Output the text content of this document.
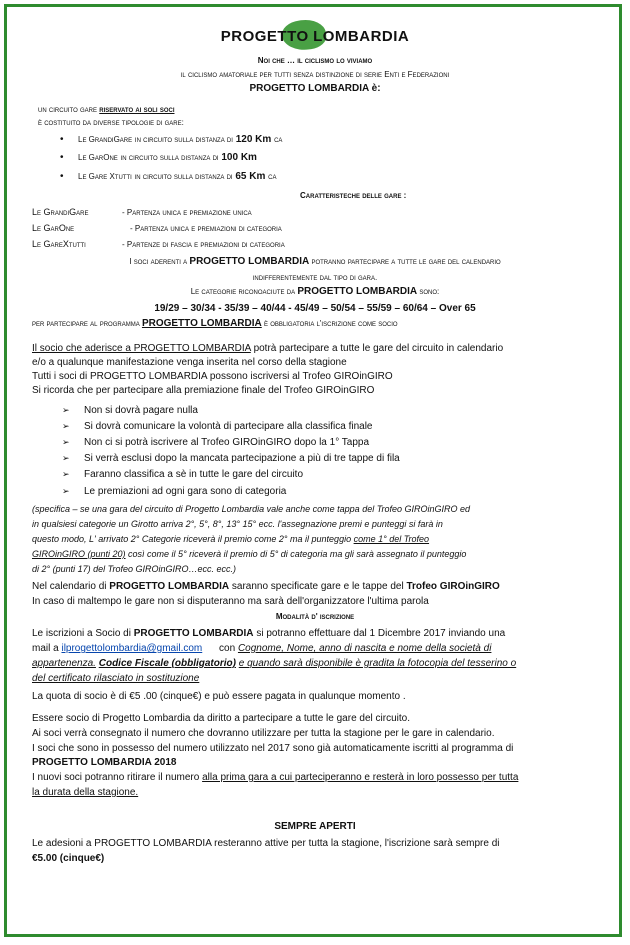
PROGETTO LOMBARDIA
Noi che … il ciclismo lo viviamo
il ciclismo amatoriale per tutti senza distinzione di serie Enti e Federazioni
PROGETTO LOMBARDIA è:
un circuito gare riservato ai soli soci
è costituito da diverse tipologie di gare:
• Le GrandiGare in circuito sulla distanza di 120 Km ca
• Le GarOne in circuito sulla distanza di 100 Km
• Le Gare Xtutti in circuito sulla distanza di 65 Km ca
Caratteristeche delle gare :
Le GrandiGare	- Partenza unica e premiazione unica
Le GarOne	- Partenza unica e premiazioni di categoria
Le GareXtutti	- Partenze di fascia e premiazioni di categoria
I soci aderenti a PROGETTO LOMBARDIA potranno partecipare a tutte le gare del calendario
indifferentemente dal tipo di gara.
Le categorie riconoaciute da PROGETTO LOMBARDIA sono:
19/29 – 30/34 - 35/39 – 40/44 - 45/49 – 50/54 – 55/59 – 60/64 – Over 65
per partecipare al programma PROGETTO LOMBARDIA è obbligatoria l'iscrizione come socio
Il socio che aderisce a PROGETTO LOMBARDIA potrà partecipare a tutte le gare del circuito in calendario
e/o a qualunque manifestazione venga inserita nel corso della stagione
Tutti i soci di PROGETTO LOMBARDIA possono iscriversi al Trofeo GIROinGIRO
Si ricorda che per partecipare alla premiazione finale del Trofeo GIROinGIRO
➢ Non si dovrà pagare nulla
➢ Si dovrà comunicare la volontà di partecipare alla classifica finale
➢ Non ci si potrà iscrivere al Trofeo GIROinGIRO dopo la 1° Tappa
➢ Si verrà esclusi dopo la mancata partecipazione a più di tre tappe di fila
➢ Faranno classifica a sè in tutte le gare del circuito
➢ Le premiazioni ad ogni gara sono di categoria
(specifica – se una gara del circuito di Progetto Lombardia vale anche come tappa del Trofeo GIROinGIRO ed
in qualsiesi categorie un Girotto arriva 2°, 5°, 8°, 13° 15° ecc. l'assegnazione premi e punteggi si farà in
questo modo, L' arrivato 2° Categorie riceverà il premio come 2° ma il punteggio come 1° del Trofeo
GIROinGIRO (punti 20) così come il 5° riceverà il premio di 5° di categoria ma gli sarà assegnato il punteggio
di 2° (punti 17) del Trofeo GIROinGIRO…ecc. ecc.)
Nel calendario di PROGETTO LOMBARDIA saranno specificate gare e le tappe del Trofeo GIROinGIRO
In caso di maltempo le gare non si disputeranno ma sarà dell'organizzatore l'ultima parola
Modalità d' iscrizione
Le iscrizioni a Socio di PROGETTO LOMBARDIA si potranno effettuare dal 1 Dicembre 2017 inviando una
mail a ilprogettolombardia@gmail.com con Cognome, Nome, anno di nascita e nome della società di
appartenenza. Codice Fiscale (obbligatorio) e quando sarà disponibile è gradita la fotocopia del tesserino o
del certificato rilasciato in sostituzione
La quota di socio è di €5 .00 (cinque€) e può essere pagata in qualunque momento .
Essere socio di Progetto Lombardia da diritto a partecipare a tutte le gare del circuito.
Ai soci verrà consegnato il numero che dovranno utilizzare per tutta la stagione per le gare in calendario.
I soci che sono in possesso del numero utilizzato nel 2017 sono già automaticamente iscritti al programma di
PROGETTO LOMBARDIA 2018
I nuovi soci potranno ritirare il numero alla prima gara a cui parteciperanno e resterà in loro possesso per tutta
la durata della stagione.
SEMPRE APERTI
Le adesioni a PROGETTO LOMBARDIA resteranno attive per tutta la stagione, l'iscrizione sarà sempre di
€5.00 (cinque€)
